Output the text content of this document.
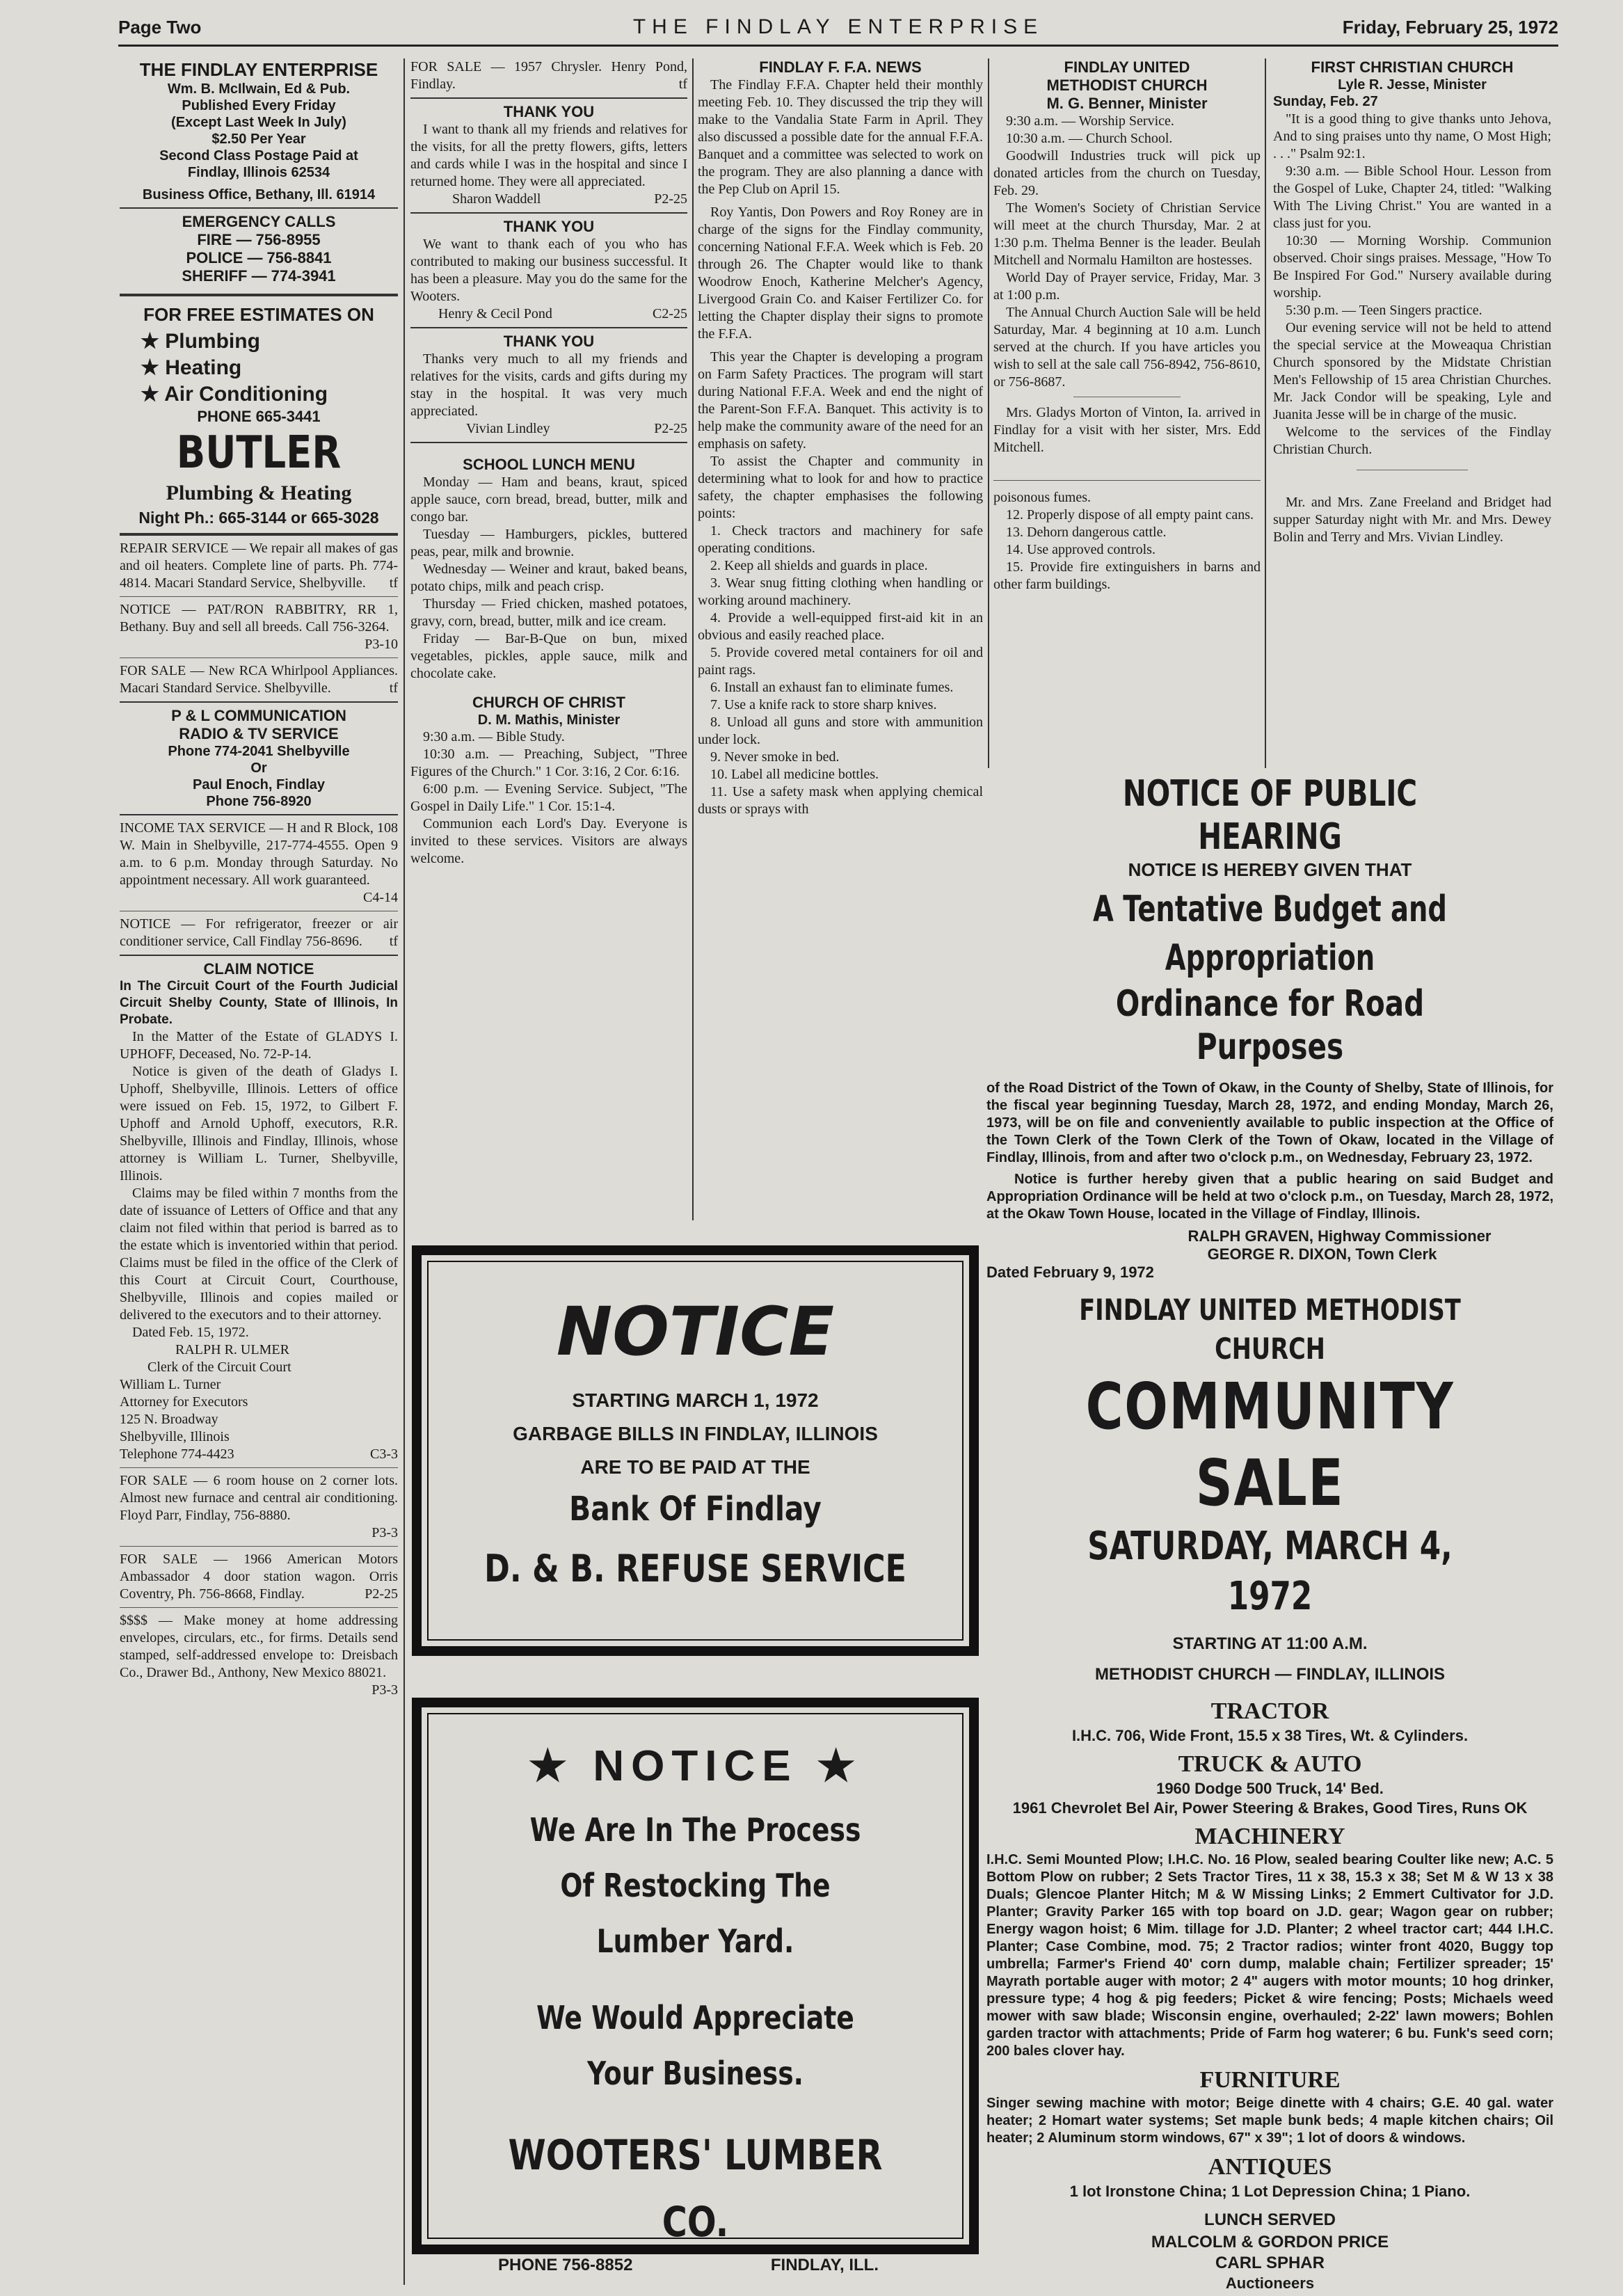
Page Two	THE FINDLAY ENTERPRISE	Friday, February 25, 1972
THE FINDLAY ENTERPRISE
Wm. B. McIlwain, Ed & Pub.
Published Every Friday
(Except Last Week In July)
$2.50 Per Year
Second Class Postage Paid at
Findlay, Illinois 62534
Business Office, Bethany, Ill. 61914
EMERGENCY CALLS
FIRE — 756-8955
POLICE — 756-8841
SHERIFF — 774-3941
FOR FREE ESTIMATES ON
★ Plumbing
★ Heating
★ Air Conditioning
PHONE 665-3441
BUTLER
Plumbing & Heating
Night Ph.: 665-3144 or 665-3028

REPAIR SERVICE — We repair all makes of gas and oil heaters. Complete line of parts. Ph. 774-4814. Macari Standard Service, Shelbyville. tf

NOTICE — PAT/RON RABBITRY, RR 1, Bethany. Buy and sell all breeds. Call 756-3264.

P3-10

FOR SALE — New RCA Whirlpool Appliances. Macari Standard Service. Shelbyville.	tf

P & L COMMUNICATION
RADIO & TV SERVICE
Phone 774-2041 Shelbyville
Or
Paul Enoch, Findlay
Phone 756-8920

INCOME TAX SERVICE — H and R Block, 108 W. Main in Shelbyville, 217-774-4555. Open 9 a.m. to 6 p.m. Monday through Saturday. No appointment necessary. All work guaranteed.
C4-14

NOTICE — For refrigerator, freezer or air conditioner service, Call Findlay 756-8696. tf

CLAIM NOTICE

In The Circuit Court of the Fourth Judicial Circuit Shelby County, State of Illinois, In Probate.

In the Matter of the Estate of GLADYS I. UPHOFF, Deceased, No. 72-P-14.

Notice is given of the death of Gladys I. Uphoff, Shelbyville, Illinois. Letters of office were issued on Feb. 15, 1972, to Gilbert F. Uphoff and Arnold Uphoff, executors, R.R. Shelbyville, Illinois and Findlay, Illinois, whose attorney is William L. Turner, Shelbyville, Illinois.

Claims may be filed within 7 months from the date of issuance of Letters of Office and that any claim not filed within that period is barred as to the estate which is inventoried within that period. Claims must be filed in the office of the Clerk of this Court at Circuit Court, Courthouse, Shelbyville, Illinois and copies mailed or delivered to the executors and to their attorney.

Dated Feb. 15, 1972.

RALPH R. ULMER

Clerk of the Circuit Court

William L. Turner

Attorney for Executors

125 N. Broadway

Shelbyville, Illinois

Telephone 774-4423	C3-3

FOR SALE — 6 room house on 2 corner lots. Almost new furnace and central air conditioning. Floyd Parr, Findlay, 756-8880.

P3-3

FOR SALE — 1966 American Motors Ambassador 4 door station wagon. Orris Coventry, Ph. 756-8668, Findlay.	P2-25

$$$$ — Make money at home addressing envelopes, circulars, etc., for firms. Details send stamped, self-addressed envelope to: Dreisbach Co., Drawer Bd., Anthony, New Mexico 88021.
P3-3

FOR SALE — 1957 Chrysler. Henry Pond, Findlay.	tf

THANK YOU

I want to thank all my friends and relatives for the visits, for all the pretty flowers, gifts, letters and cards while I was in the hospital and since I returned home. They were all appreciated.

Sharon Waddell	P2-25

THANK YOU

We want to thank each of you who has contributed to making our business successful. It has been a pleasure. May you do the same for the Wooters.

Henry & Cecil Pond	C2-25

THANK YOU

Thanks very much to all my friends and relatives for the visits, cards and gifts during my stay in the hospital. It was very much appreciated.

Vivian Lindley	P2-25

SCHOOL LUNCH MENU

Monday — Ham and beans, kraut, spiced apple sauce, corn bread, bread, butter, milk and congo bar.

Tuesday — Hamburgers, pickles, buttered peas, pear, milk and brownie.

Wednesday — Weiner and kraut, baked beans, potato chips, milk and peach crisp.

Thursday — Fried chicken, mashed potatoes, gravy, corn, bread, butter, milk and ice cream.

Friday — Bar-B-Que on bun, mixed vegetables, pickles, apple sauce, milk and chocolate cake.

CHURCH OF CHRIST
D. M. Mathis, Minister

9:30 a.m. — Bible Study.

10:30 a.m. — Preaching, Subject, "Three Figures of the Church." 1 Cor. 3:16, 2 Cor. 6:16.

6:00 p.m. — Evening Service. Subject, "The Gospel in Daily Life." 1 Cor. 15:1-4.

Communion each Lord's Day. Everyone is invited to these services. Visitors are always welcome.

FINDLAY F. F.A. NEWS

The Findlay F.F.A. Chapter held their monthly meeting Feb. 10. They discussed the trip they will make to the Vandalia State Farm in April. They also discussed a possible date for the annual F.F.A. Banquet and a committee was selected to work on the program. They are also planning a dance with the Pep Club on April 15.

Roy Yantis, Don Powers and Roy Roney are in charge of the signs for the Findlay community, concerning National F.F.A. Week which is Feb. 20 through 26. The Chapter would like to thank Woodrow Enoch, Katherine Melcher's Agency, Livergood Grain Co. and Kaiser Fertilizer Co. for letting the Chapter display their signs to promote the F.F.A.

This year the Chapter is developing a program on Farm Safety Practices. The program will start during National F.F.A. Week and end the night of the Parent-Son F.F.A. Banquet. This activity is to help make the community aware of the need for an emphasis on safety.

To assist the Chapter and community in determining what to look for and how to practice safety, the chapter emphasises the following points:

1. Check tractors and machinery for safe operating conditions.

2. Keep all shields and guards in place.

3. Wear snug fitting clothing when handling or working around machinery.

4. Provide a well-equipped first-aid kit in an obvious and easily reached place.

5. Provide covered metal containers for oil and paint rags.

6. Install an exhaust fan to eliminate fumes.

7. Use a knife rack to store sharp knives.

8. Unload all guns and store with ammunition under lock.

9. Never smoke in bed.

10. Label all medicine bottles.

11. Use a safety mask when applying chemical dusts or sprays with

FINDLAY UNITED
METHODIST CHURCH
M. G. Benner, Minister

9:30 a.m. — Worship Service.

10:30 a.m. — Church School.

Goodwill Industries truck will pick up donated articles from the church on Tuesday, Feb. 29.

The Women's Society of Christian Service will meet at the church Thursday, Mar. 2 at 1:30 p.m. Thelma Benner is the leader. Beulah Mitchell and Normalu Hamilton are hostesses.

World Day of Prayer service, Friday, Mar. 3 at 1:00 p.m.

The Annual Church Auction Sale will be held Saturday, Mar. 4 beginning at 10 a.m. Lunch served at the church. If you have articles you wish to sell at the sale call 756-8942, 756-8610, or 756-8687.

Mrs. Gladys Morton of Vinton, Ia. arrived in Findlay for a visit with her sister, Mrs. Edd Mitchell.

poisonous fumes.

12. Properly dispose of all empty paint cans.

13. Dehorn dangerous cattle.

14. Use approved controls.

15. Provide fire extinguishers in barns and other farm buildings.

FIRST CHRISTIAN CHURCH
Lyle R. Jesse, Minister

Sunday, Feb. 27

"It is a good thing to give thanks unto Jehova, And to sing praises unto thy name, O Most High; . . ." Psalm 92:1.

9:30 a.m. — Bible School Hour. Lesson from the Gospel of Luke, Chapter 24, titled: "Walking With The Living Christ." You are wanted in a class just for you.

10:30 — Morning Worship. Communion observed. Choir sings praises. Message, "How To Be Inspired For God." Nursery available during worship.

5:30 p.m. — Teen Singers practice.

Our evening service will not be held to attend the special service at the Moweaqua Christian Church sponsored by the Midstate Christian Men's Fellowship of 15 area Christian Churches. Mr. Jack Condor will be speaking, Lyle and Juanita Jesse will be in charge of the music.

Welcome to the services of the Findlay Christian Church.

Mr. and Mrs. Zane Freeland and Bridget had supper Saturday night with Mr. and Mrs. Dewey Bolin and Terry and Mrs. Vivian Lindley.

NOTICE OF PUBLIC HEARING
NOTICE IS HEREBY GIVEN THAT
A Tentative Budget and Appropriation
Ordinance for Road Purposes

of the Road District of the Town of Okaw, in the County of Shelby, State of Illinois, for the fiscal year beginning Tuesday, March 28, 1972, and ending Monday, March 26, 1973, will be on file and conveniently available to public inspection at the Office of the Town Clerk of the Town Clerk of the Town of Okaw, located in the Village of Findlay, Illinois, from and after two o'clock p.m., on Wednesday, February 23, 1972.

Notice is further hereby given that a public hearing on said Budget and Appropriation Ordinance will be held at two o'clock p.m., on Tuesday, March 28, 1972, at the Okaw Town House, located in the Village of Findlay, Illinois.

RALPH GRAVEN, Highway Commissioner

GEORGE R. DIXON, Town Clerk

Dated February 9, 1972

NOTICE
STARTING MARCH 1, 1972
GARBAGE BILLS IN FINDLAY, ILLINOIS
ARE TO BE PAID AT THE
Bank Of Findlay
D. & B. REFUSE SERVICE
★ NOTICE ★
We Are In The Process
Of Restocking The
Lumber Yard.
We Would Appreciate
Your Business.
WOOTERS' LUMBER CO.
PHONE 756-8852	FINDLAY, ILL.
FINDLAY UNITED METHODIST CHURCH
COMMUNITY SALE
SATURDAY, MARCH 4, 1972
STARTING AT 11:00 A.M.
METHODIST CHURCH — FINDLAY, ILLINOIS
TRACTOR
I.H.C. 706, Wide Front, 15.5 x 38 Tires, Wt. & Cylinders.
TRUCK & AUTO
1960 Dodge 500 Truck, 14' Bed.
1961 Chevrolet Bel Air, Power Steering & Brakes, Good Tires, Runs OK
MACHINERY

I.H.C. Semi Mounted Plow; I.H.C. No. 16 Plow, sealed bearing Coulter like new; A.C. 5 Bottom Plow on rubber; 2 Sets Tractor Tires, 11 x 38, 15.3 x 38; Set M & W 13 x 38 Duals; Glencoe Planter Hitch; M & W Missing Links; 2 Emmert Cultivator for J.D. Planter; Gravity Parker 165 with top board on J.D. gear; Wagon gear on rubber; Energy wagon hoist; 6 Mim. tillage for J.D. Planter; 2 wheel tractor cart; 444 I.H.C. Planter; Case Combine, mod. 75; 2 Tractor radios; winter front 4020, Buggy top umbrella; Farmer's Friend 40' corn dump, malable chain; Fertilizer spreader; 15' Mayrath portable auger with motor; 2 4" augers with motor mounts; 10 hog drinker, pressure type; 4 hog & pig feeders; Picket & wire fencing; Posts; Michaels weed mower with saw blade; Wisconsin engine, overhauled; 2-22' lawn mowers; Bohlen garden tractor with attachments; Pride of Farm hog waterer; 6 bu. Funk's seed corn; 200 bales clover hay.

FURNITURE

Singer sewing machine with motor; Beige dinette with 4 chairs; G.E. 40 gal. water heater; 2 Homart water systems; Set maple bunk beds; 4 maple kitchen chairs; Oil heater; 2 Aluminum storm windows, 67" x 39"; 1 lot of doors & windows.

ANTIQUES
1 lot Ironstone China; 1 Lot Depression China; 1 Piano.
LUNCH SERVED
MALCOLM & GORDON PRICE
CARL SPHAR
Auctioneers
